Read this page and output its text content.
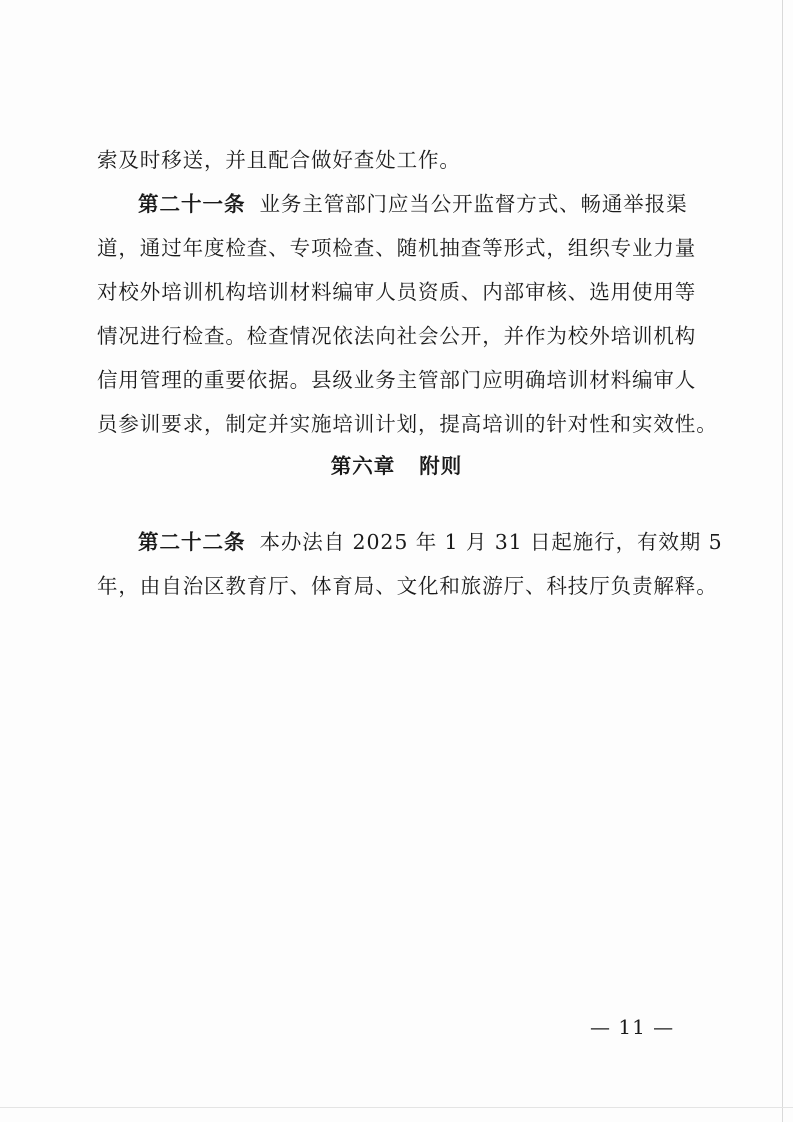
索及时移送，并且配合做好查处工作。
第二十一条 业务主管部门应当公开监督方式、畅通举报渠
道，通过年度检查、专项检查、随机抽查等形式，组织专业力量
对校外培训机构培训材料编审人员资质、内部审核、选用使用等
情况进行检查。检查情况依法向社会公开，并作为校外培训机构
信用管理的重要依据。县级业务主管部门应明确培训材料编审人
员参训要求，制定并实施培训计划，提高培训的针对性和实效性。
第六章 附则
第二十二条 本办法自 2025 年 1 月 31 日起施行，有效期 5
年，由自治区教育厅、体育局、文化和旅游厅、科技厅负责解释。
— 11 —
